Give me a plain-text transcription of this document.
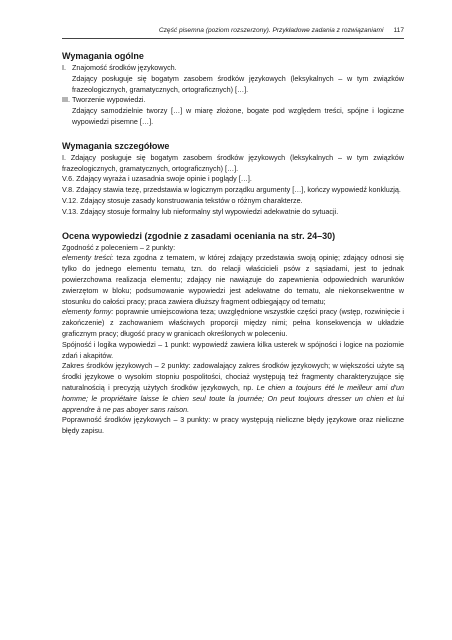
Część pisemna (poziom rozszerzony). Przykładowe zadania z rozwiązaniami 117
Wymagania ogólne
I. Znajomość środków językowych.

Zdający posługuje się bogatym zasobem środków językowych (leksykalnych – w tym związków frazeologicznych, gramatycznych, ortograficznych) […].

III. Tworzenie wypowiedzi.

Zdający samodzielnie tworzy […] w miarę złożone, bogate pod względem treści, spójne i logiczne wypowiedzi pisemne […].

Wymagania szczegółowe

I. Zdający posługuje się bogatym zasobem środków językowych (leksykalnych – w tym związków frazeologicznych, gramatycznych, ortograficznych) […].

V.6. Zdający wyraża i uzasadnia swoje opinie i poglądy […].

V.8. Zdający stawia tezę, przedstawia w logicznym porządku argumenty […], kończy wypowiedź konkluzją.

V.12. Zdający stosuje zasady konstruowania tekstów o różnym charakterze.

V.13. Zdający stosuje formalny lub nieformalny styl wypowiedzi adekwatnie do sytuacji.

Ocena wypowiedzi (zgodnie z zasadami oceniania na str. 24–30)

Zgodność z poleceniem – 2 punkty:

elementy treści: teza zgodna z tematem, w której zdający przedstawia swoją opinię; zdający odnosi się tylko do jednego elementu tematu, tzn. do relacji właścicieli psów z sąsiadami, jest to jednak powierzchowna realizacja elementu; zdający nie nawiązuje do zapewnienia odpowiednich warunków zwierzętom w bloku; podsumowanie wypowiedzi jest adekwatne do tematu, ale niekonsekwentne w stosunku do całości pracy; praca zawiera dłuższy fragment odbiegający od tematu;

elementy formy: poprawnie umiejscowiona teza; uwzględnione wszystkie części pracy (wstęp, rozwinięcie i zakończenie) z zachowaniem właściwych proporcji między nimi; pełna konsekwencja w układzie graficznym pracy; długość pracy w granicach określonych w poleceniu.

Spójność i logika wypowiedzi – 1 punkt: wypowiedź zawiera kilka usterek w spójności i logice na poziomie zdań i akapitów.

Zakres środków językowych – 2 punkty: zadowalający zakres środków językowych; w większości użyte są środki językowe o wysokim stopniu pospolitości, chociaż występują też fragmenty charakteryzujące się naturalnością i precyzją użytych środków językowych, np. Le chien a toujours été le meilleur ami d'un homme; le propriétaire laisse le chien seul toute la journée; On peut toujours dresser un chien et lui apprendre à ne pas aboyer sans raison.

Poprawność środków językowych – 3 punkty: w pracy występują nieliczne błędy językowe oraz nieliczne błędy zapisu.
